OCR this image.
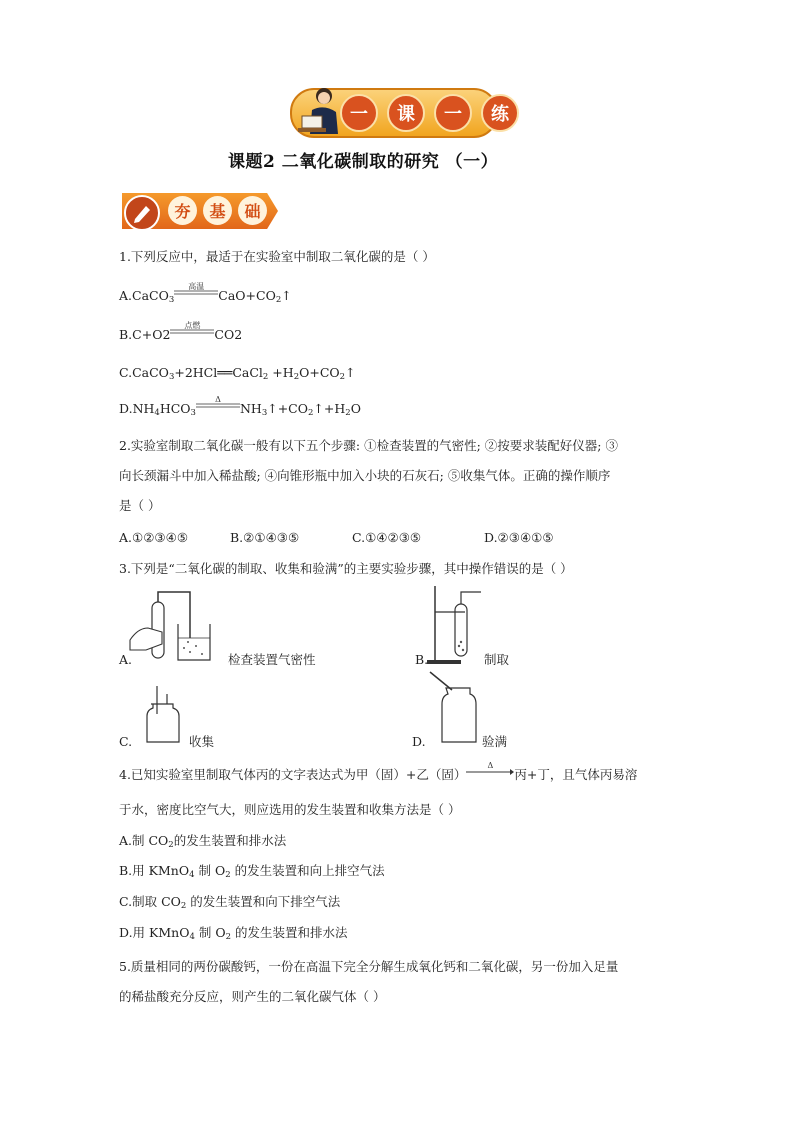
一	课	一	练
课题2 二氧化碳制取的研究 （一）
夯	基	础
1.下列反应中，最适于在实验室中制取二氧化碳的是（ ）
A.CaCO$_3$
高温
$CaO+CO_2↑$
B.C+O2
点燃
CO2
C.CaCO$_3$+2HCl══CaCl$_2$ $+H_2O+CO_2↑$
$D.NH_4HCO_3$
Δ
$NH_3↑+CO_2↑+H_2O$
2.实验室制取二氧化碳一般有以下五个步骤: ①检查装置的气密性; ②按要求装配好仪器; ③
向长颈漏斗中加入稀盐酸; ④向锥形瓶中加入小块的石灰石; ⑤收集气体。正确的操作顺序
是（ ）
A.①②③④⑤	B.②①④③⑤	C.①④②③⑤	D.②③④①⑤
3.下列是“二氧化碳的制取、收集和验满”的主要实验步骤，其中操作错误的是（ ）
A.	检查装置气密性	B.	制取
C.	收集	D.	验满
4.已知实验室里制取气体丙的文字表达式为甲（固）+乙（固）
Δ
丙+丁，且气体丙易溶
于水，密度比空气大，则应选用的发生装置和收集方法是（ ）
A.制 $CO_2$的发生装置和排水法
B.用 KMnO$_4$ 制 $O_2$ 的发生装置和向上排空气法
C.制取 $CO_2$ 的发生装置和向下排空气法
D.用 KMnO$_4$ 制 $O_2$ 的发生装置和排水法
5.质量相同的两份碳酸钙，一份在高温下完全分解生成氧化钙和二氧化碳，另一份加入足量
的稀盐酸充分反应，则产生的二氧化碳气体（ ）
